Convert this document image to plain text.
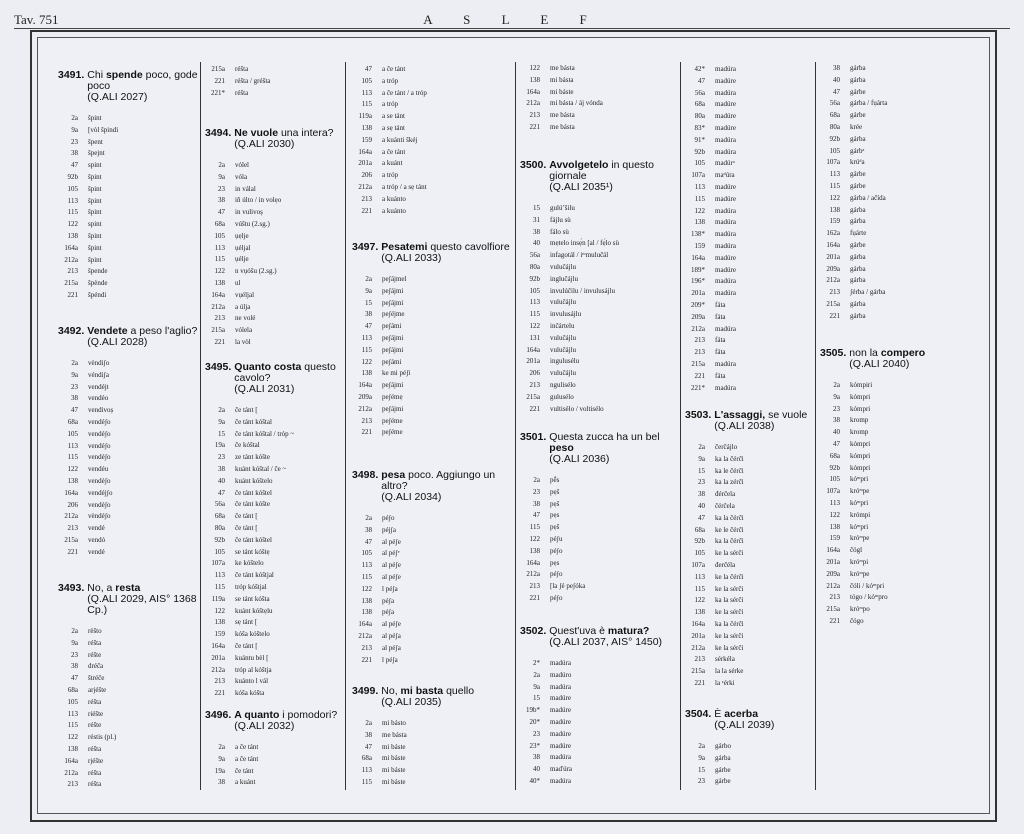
Tav. 751	A S L E F
3491. Chi spende poco, gode poco
(Q.ALI 2027)
2a špint
9a [vòl špindi
23 špent
38 špejnt
47 spint
92b špint
105 špint
113 špint
115 špint
122 spint
138 špint
164a špint
212a špint
213 špende
215a špènde
221 špéndi
3492. Vendete a peso l'aglio?
(Q.ALI 2028)
2a vèndiʃo
9a véndiʃa
23 vendéjt
38 vendéo
47 vendivoș
68a vendéʃo
105 vendéʃo
113 vendéʃo
115 vendéʃo
122 vendéu
138 vendéʃo
164a vendéjʃo
206 vendéʃo
212a vèndéʃo
213 vendé
215a vendó
221 vendé
3493. No, a resta
(Q.ALI 2029, AIS° 1368 Cp.)
2a rèšto
9a réšta
23 réšte
38 dréča
47 štréče
68a arjéšte
105 réšta
113 riéšte
115 réšte
122 réstis (pl.)
138 réšta
164a rjéšte
212a réšta
213 réšta
215a réšta
221 réšta / gréšta
221* réšta
3494. Ne vuole una intera?
(Q.ALI 2030)
2a vólel
9a vóla
23 in válal
38 iñ últo / in volẹo
47 in vulivoș
68a vúštu (2.sg.)
105 ụẹlje
113 ụéljal
115 ụélje
122 n vụóšu (2.sg.)
138 ul
164a vụéljal
212a a úlja
213 ne volé
215a vólela
221 la vòl
3495. Quanto costa questo cavolo?
(Q.ALI 2031)
2a če tánt [
9a če tánt kóštal
15 če tánt kóštal / tróp ~
19a če kóštal
23 ze tánt kóšte
38 kuánt kóštal / če ~
40 kuánt kóštelo
47 če tánt kóštel
56a če tánt kóšte
68a če tánt [
80a če tánt [
92b če tánt kóštel
105 se tánt kóštẹ
107a ke kóštelo
113 če tánt kóštjal
115 tróp kóštjal
119a se tánt kóšta
122 kuánt kóštẹlu
138 sẹ tánt [
159 kóša kóštelo
164a če tánt [
201a kuántu bèl [
212a tróp al kóštja
213 kuánto l vál
221 kóša kóšta
3496. A quanto i pomodori?
(Q.ALI 2032)
2a a če tánt
9a a če tánt
19a če tánt
38 a kuánt
47 a če tánt
105 a tróp
113 a če tánt / a tróp
115 a tróp
119a a se tánt
138 a sẹ tánt
159 a kuánti škéj
164a a če tánt
201a a kuánt
206 a tróp
212a a tróp / a sẹ tánt
213 a kuánto
221 a kuánto
3497. Pesatemi questo cavolfiore
(Q.ALI 2033)
2a peʃájmel
9a peʃájmi
15 peʃájmi
38 peʃéjme
47 peʃámi
113 peʃájmi
115 peʃájmi
122 peʃámi
138 ke mi péʃi
164a peʃájmi
209a peʃémẹ
212a peʃájmi
213 peʃéme
221 peʃéme
3498. pesa poco. Aggiungo un altro?
(Q.ALI 2034)
2a péʃo
38 péjʃa
47 al péʃe
105 al péʃᵉ
113 al péʃe
115 al péʃe
122 l péʃa
138 péʃa
138 péʃa
164a al péʃe
212a al péʃa
213 al péʃa
221 l péʃa
3499. No, mi basta quello
(Q.ALI 2035)
2a mi básto
38 me básta
47 mi báste
68a mi báste
113 mi báste
115 mi báste
122 me básta
138 mi básta
164a mi báste
212a mi básta / áj vónda
213 me básta
221 me básta
3500. Avvolgetelo in questo giornale
(Q.ALI 2035¹)
15 gulúʼšilu
31 fájlu sù
38 fálo sù
40 mẹtelo insẹ́n [al / fẹ́lo sù
56a infagotál / iᵐmulučál
80a vulučájlu
92b inglučájlu
105 invulúčilu / invulusájlu
113 vulučájlu
115 invulusájlu
122 inčártelu
131 vulučájlu
164a vulučájlu
201a ingulusélu
206 vulučájlu
213 ngulisélo
215a gulusélo
221 vultisélo / voltisélo
3501. Questa zucca ha un bel peso
(Q.ALI 2036)
2a pḗs
23 pẹš
38 pẹš
47 pẹs
115 pẹš
122 péʃu
138 péʃo
164a pẹs
212a péʃo
213 [la ʃé peʃóka
221 péʃo
3502. Quest'uva è matura?
(Q.ALI 2037, AIS° 1450)
2* madúra
2a madúro
9a madúra
15 madúre
19b* madúre
20* madúre
23 madúre
23* madúre
38 madúra
40 maďúra
40* madúra
42* madúra
47 madúre
56a madúra
68a madúre
80a madúre
83* madúre
91* madúra
92b madúra
105 madúrᵃ
107a maᵈúra
113 madúre
115 madúre
122 madúra
138 madúra
138* madúra
159 madúra
164a madúre
189* madúre
196* madúra
201a madúra
209* fáta
209a fáta
212a madúra
213 fáta
213 fáta
215a madúra
221 fáta
221* madúra
3503. L'assaggi, se vuole
(Q.ALI 2038)
2a čerčájlo
9a ka la čérči
15 ka le čérči
23 ka la zérči
38 đérčela
40 čérčela
47 ka la čérči
68a ke le čérči
92b ka la čérči
105 ke la sérči
107a đerčéla
113 ke la čérči
115 ke la sérči
122 ka la sérči
138 ke la sérči
164a ka la čérči
201a ke la sérči
212a ke la sérči
213 sérkéla
215a la la sérke
221 la ᶻérki
3504. È acerba
(Q.ALI 2039)
2a gárbo
9a gárba
15 gárbe
23 gárbe
38 gárba
40 gárba
47 gárbe
56a gárba / fụárta
68a gárbe
80a krée
92b gárba
105 gárbᵃ
107a krúᵈa
113 gárbe
115 gárbe
122 gárba / ačída
138 gárba
159 gárba
162a fụárte
164a gárbe
201a gárba
209a gárba
212a gárba
213 ʃérba / gárba
215a gárba
221 gárba
3505. non la compero
(Q.ALI 2040)
2a kómpiri
9a kómpri
23 kómpri
38 kromp
40 kromp
47 kómpri
68a kómpri
92b kómpri
105 kóᵐpri
107a króᵐpe
113 kóᵐpri
122 krómpi
138 kóᵐpri
159 króᵐpe
164a čógl
201a króᵐpi
209a króᵐpe
212a čóli / kóᵐpri
213 tógo / kóᵐpro
215a króᵐpo
221 čógo
